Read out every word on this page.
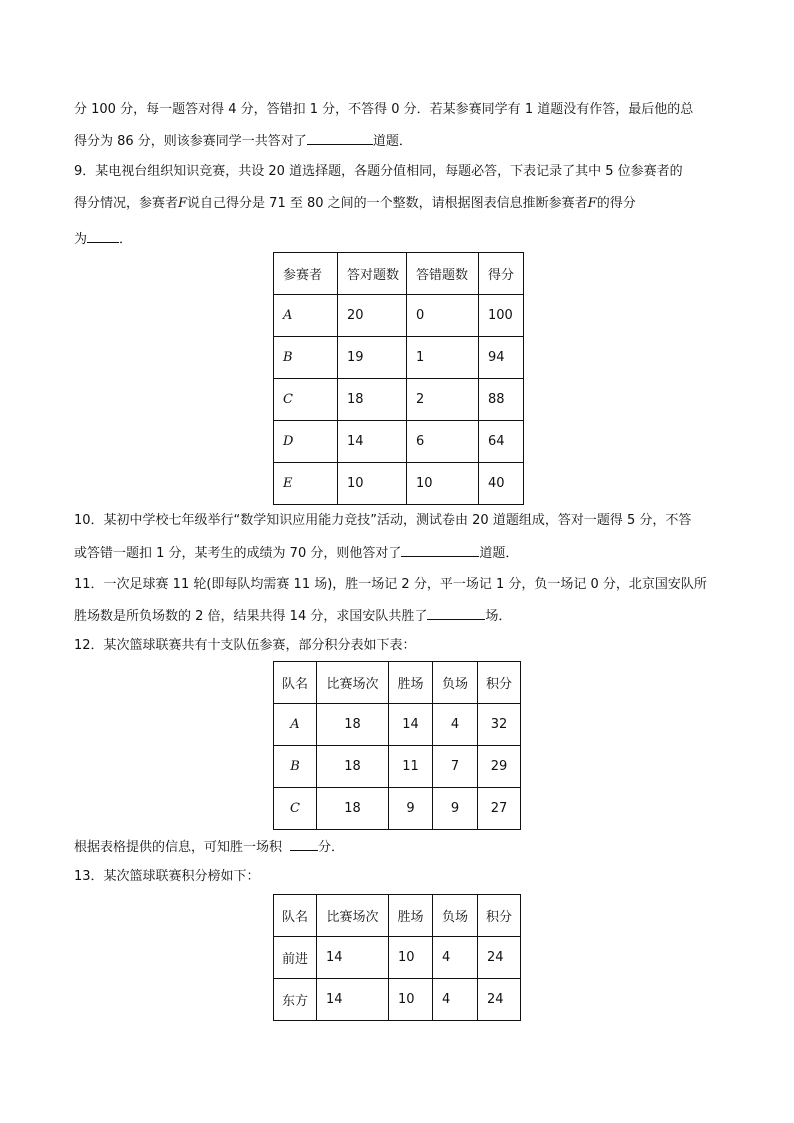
分 100 分，每一题答对得 4 分，答错扣 1 分，不答得 0 分．若某参赛同学有 1 道题没有作答，最后他的总
得分为 86 分，则该参赛同学一共答对了	道题．
9．某电视台组织知识竞赛，共设 20 道选择题，各题分值相同，每题必答，下表记录了其中 5 位参赛者的
得分情况，参赛者F说自己得分是 71 至 80 之间的一个整数，请根据图表信息推断参赛者F的得分
为 ．
参赛者	答对题数	答错题数	得分
A	20	0	100
B	19	1	94
C	18	2	88
D	14	6	64
E	10	10	40
10．某初中学校七年级举行“数学知识应用能力竞技”活动，测试卷由 20 道题组成，答对一题得 5 分，不答
或答错一题扣 1 分，某考生的成绩为 70 分，则他答对了	道题．
11．一次足球赛 11 轮(即每队均需赛 11 场)，胜一场记 2 分，平一场记 1 分，负一场记 0 分，北京国安队所
胜场数是所负场数的 2 倍，结果共得 14 分，求国安队共胜了	场．
12．某次篮球联赛共有十支队伍参赛，部分积分表如下表：
队名	比赛场次	胜场	负场	积分
A	18	14	4	32
B	18	11	7	29
C	18	9	9	27
根据表格提供的信息，可知胜一场积	分．
13．某次篮球联赛积分榜如下：
队名	比赛场次	胜场	负场	积分
前进	14	10	4	24
东方	14	10	4	24
